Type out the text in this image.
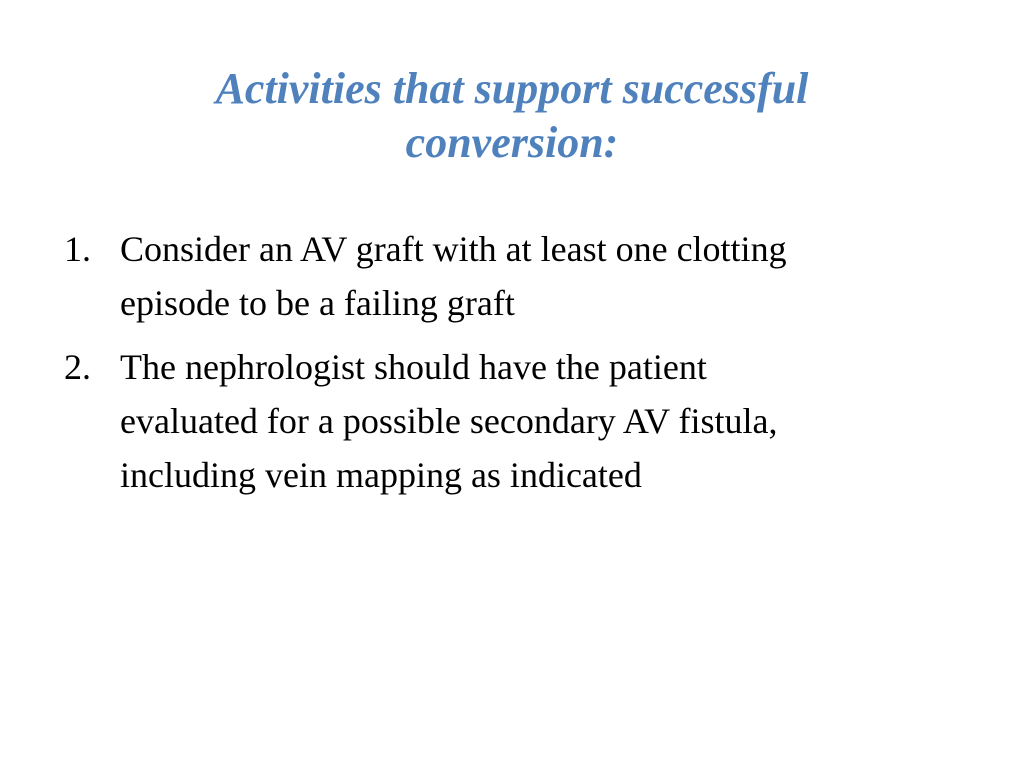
Activities that support successful
conversion:
1. Consider an AV graft with at least one clotting
episode to be a failing graft
2. The nephrologist should have the patient
evaluated for a possible secondary AV fistula,
including vein mapping as indicated
